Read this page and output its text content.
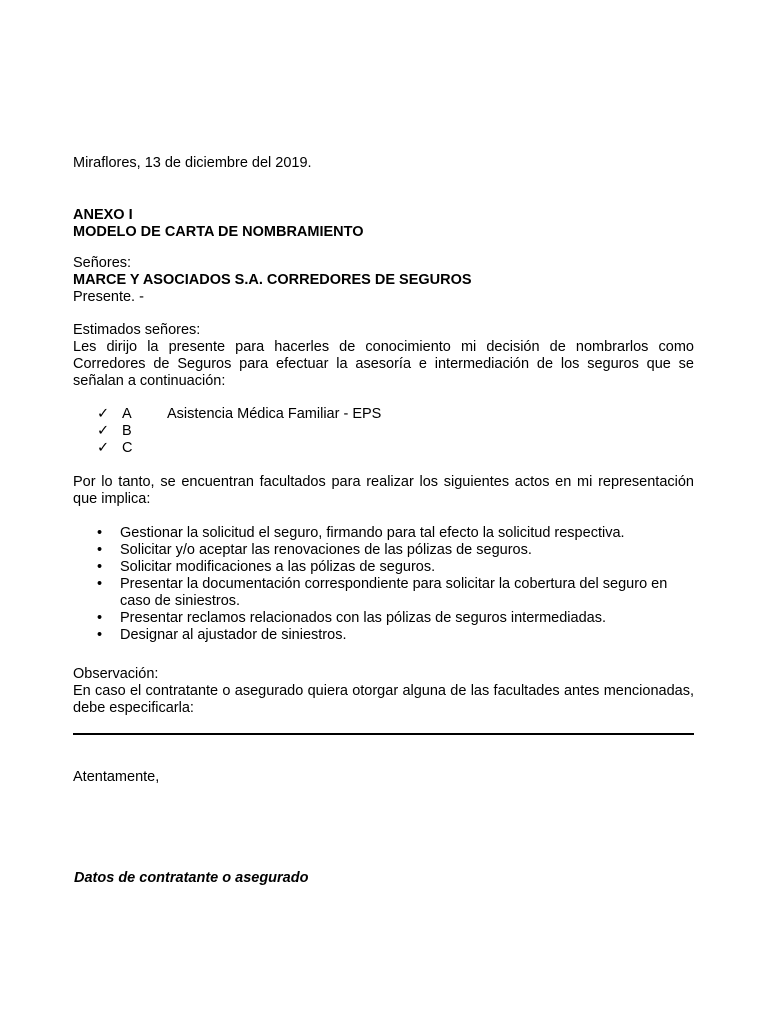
Miraflores, 13 de diciembre del 2019.

ANEXO I

MODELO DE CARTA DE NOMBRAMIENTO

Señores:

MARCE Y ASOCIADOS S.A. CORREDORES DE SEGUROS

Presente. -

Estimados señores:

Les dirijo la presente para hacerles de conocimiento mi decisión de nombrarlos como Corredores de Seguros para efectuar la asesoría e intermediación de los seguros que se señalan a continuación:

✓ A	Asistencia Médica Familiar - EPS
✓ B
✓ C

Por lo tanto, se encuentran facultados para realizar los siguientes actos en mi representación que implica:

•	Gestionar la solicitud el seguro, firmando para tal efecto la solicitud respectiva.
•	Solicitar y/o aceptar las renovaciones de las pólizas de seguros.
•	Solicitar modificaciones a las pólizas de seguros.
•	Presentar la documentación correspondiente para solicitar la cobertura del seguro en caso de siniestros.
•	Presentar reclamos relacionados con las pólizas de seguros intermediadas.
•	Designar al ajustador de siniestros.

Observación:

En caso el contratante o asegurado quiera otorgar alguna de las facultades antes mencionadas, debe especificarla:

Atentamente,

Datos de contratante o asegurado
